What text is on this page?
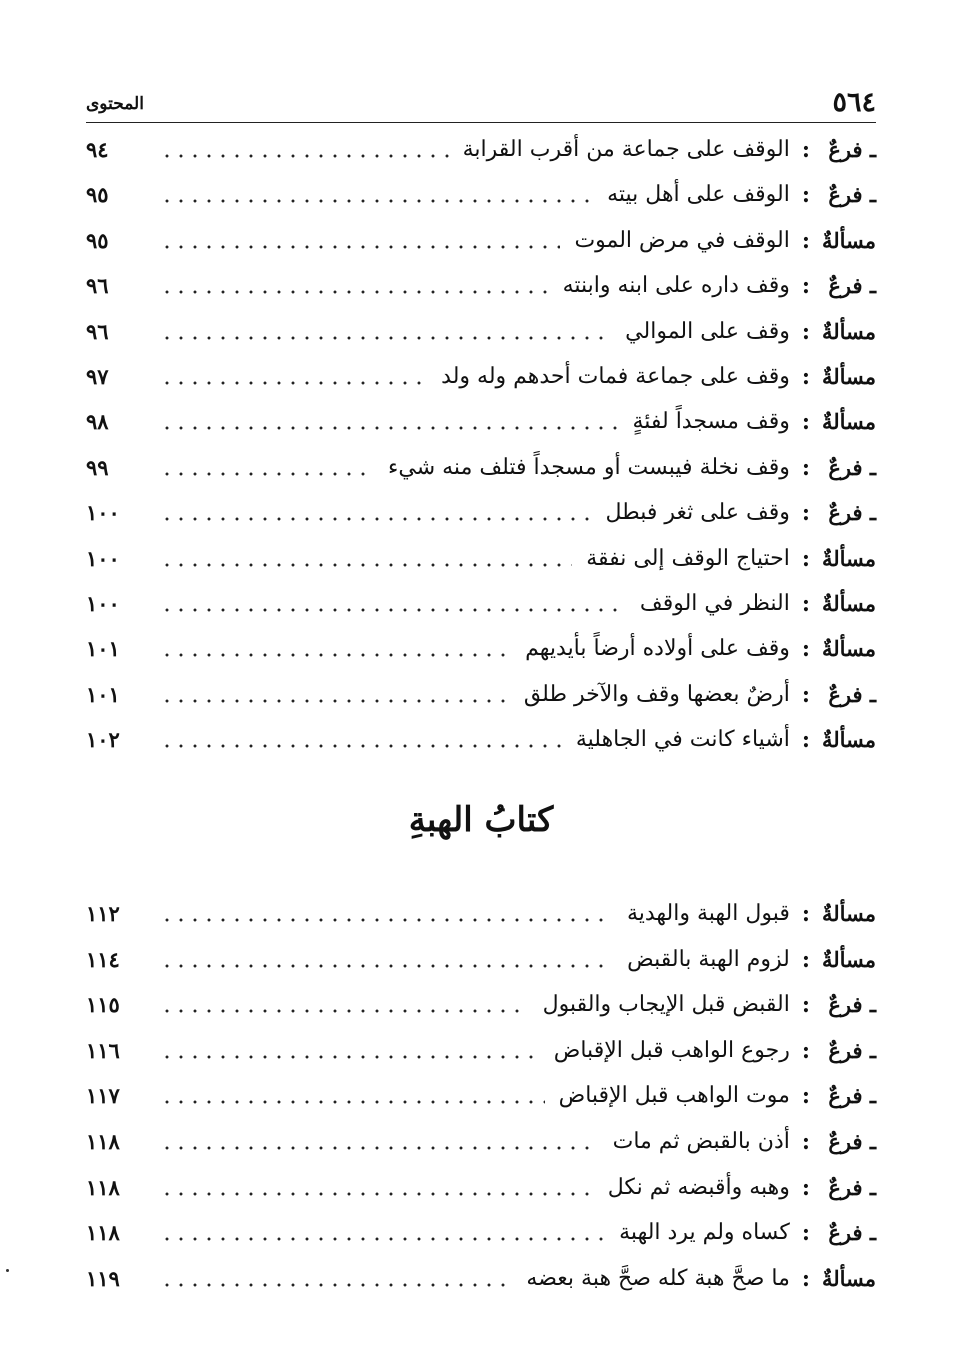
٥٦٤
المحتوى
ـ فرعٌ
:
الوقف على جماعة من أقرب القرابة
٩٤
ـ فرعٌ
:
الوقف على أهل بيته
٩٥
مسألةٌ
:
الوقف في مرض الموت
٩٥
ـ فرعٌ
:
وقف داره على ابنه وابنته
٩٦
مسألةٌ
:
وقف على الموالي
٩٦
مسألةٌ
:
وقف على جماعة فمات أحدهم وله ولد
٩٧
مسألةٌ
:
وقف مسجداً لفئةٍ
٩٨
ـ فرعٌ
:
وقف نخلة فيبست أو مسجداً فتلف منه شيء
٩٩
ـ فرعٌ
:
وقف على ثغر فبطل
١٠٠
مسألةٌ
:
احتياج الوقف إلى نفقة
١٠٠
مسألةٌ
:
النظر في الوقف
١٠٠
مسألةٌ
:
وقف على أولاده أرضاً بأيديهم
١٠١
ـ فرعٌ
:
أرضٌ بعضها وقف والآخر طلق
١٠١
مسألةٌ
:
أشياء كانت في الجاهلية
١٠٢
كتابُ الهبةِ
مسألةٌ
:
قبول الهبة والهدية
١١٢
مسألةٌ
:
لزوم الهبة بالقبض
١١٤
ـ فرعٌ
:
القبض قبل الإيجاب والقبول
١١٥
ـ فرعٌ
:
رجوع الواهب قبل الإقباض
١١٦
ـ فرعٌ
:
موت الواهب قبل الإقباض
١١٧
ـ فرعٌ
:
أذن بالقبض ثم مات
١١٨
ـ فرعٌ
:
وهبه وأقبضه ثم نكل
١١٨
ـ فرعٌ
:
كساه ولم يرد الهبة
١١٨
مسألةٌ
:
ما صحَّ هبة كله صحَّ هبة بعضه
١١٩
